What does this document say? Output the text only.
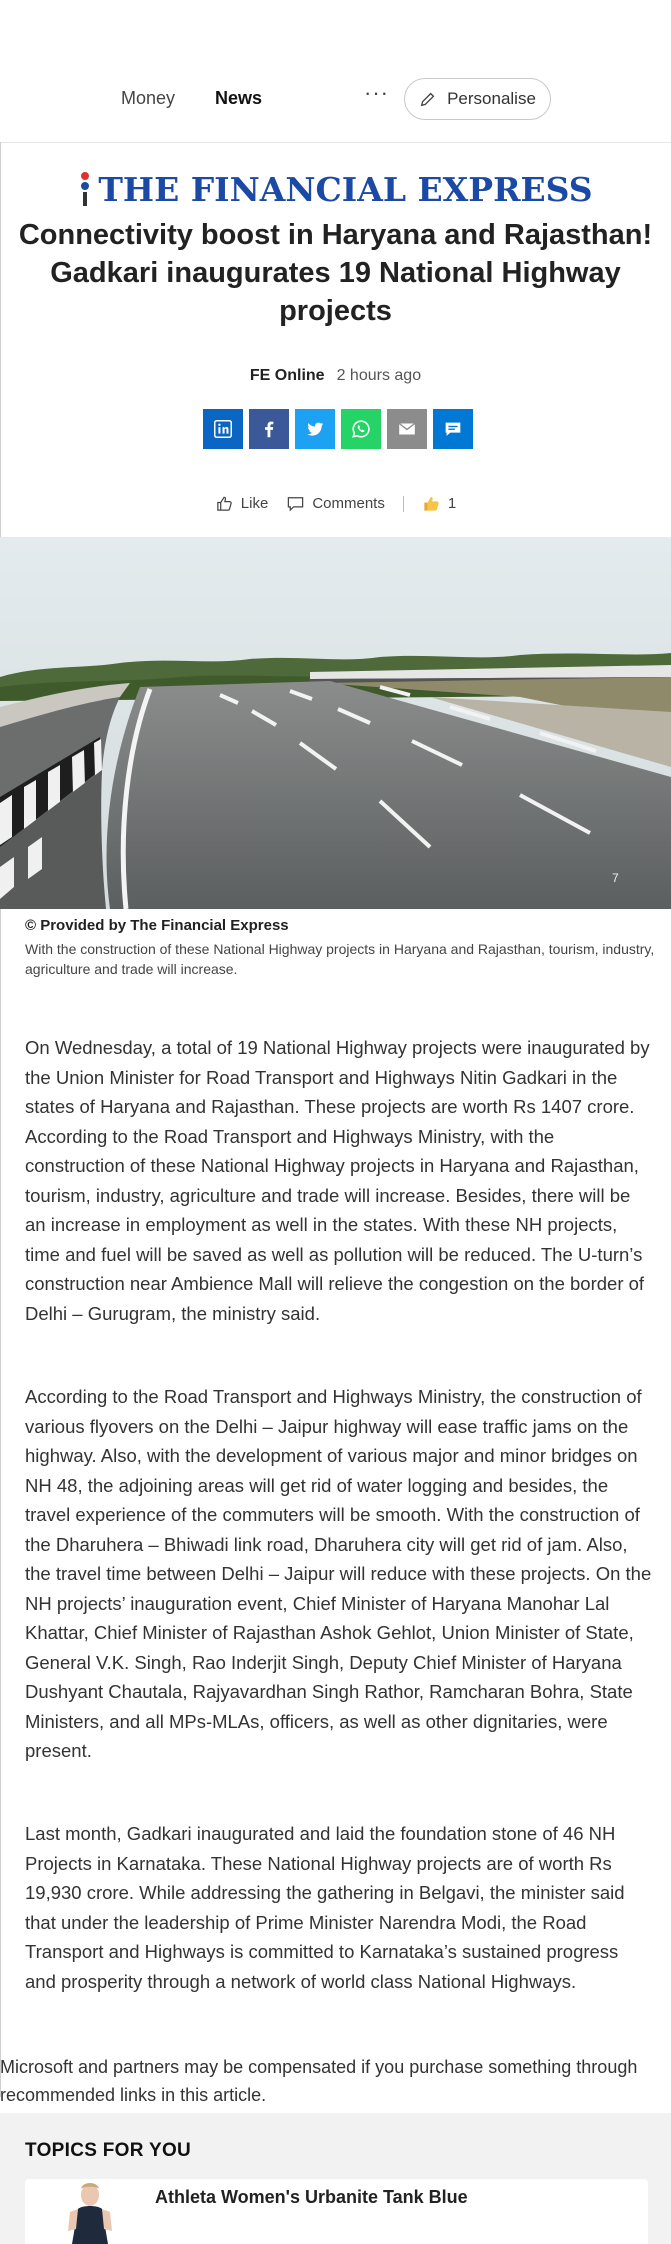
Money News	···	Personalise
THE FINANCIAL EXPRESS
Connectivity boost in Haryana and Rajasthan! Gadkari inaugurates 19 National Highway projects
FE Online 2 hours ago
Like	Comments	1
7
© Provided by The Financial Express
With the construction of these National Highway projects in Haryana and Rajasthan, tourism, industry, agriculture and trade will increase.

On Wednesday, a total of 19 National Highway projects were inaugurated by the Union Minister for Road Transport and Highways Nitin Gadkari in the states of Haryana and Rajasthan. These projects are worth Rs 1407 crore. According to the Road Transport and Highways Ministry, with the construction of these National Highway projects in Haryana and Rajasthan, tourism, industry, agriculture and trade will increase. Besides, there will be an increase in employment as well in the states. With these NH projects, time and fuel will be saved as well as pollution will be reduced. The U-turn’s construction near Ambience Mall will relieve the congestion on the border of Delhi – Gurugram, the ministry said.

According to the Road Transport and Highways Ministry, the construction of various flyovers on the Delhi – Jaipur highway will ease traffic jams on the highway. Also, with the development of various major and minor bridges on NH 48, the adjoining areas will get rid of water logging and besides, the travel experience of the commuters will be smooth. With the construction of the Dharuhera – Bhiwadi link road, Dharuhera city will get rid of jam. Also, the travel time between Delhi – Jaipur will reduce with these projects. On the NH projects’ inauguration event, Chief Minister of Haryana Manohar Lal Khattar, Chief Minister of Rajasthan Ashok Gehlot, Union Minister of State, General V.K. Singh, Rao Inderjit Singh, Deputy Chief Minister of Haryana Dushyant Chautala, Rajyavardhan Singh Rathor, Ramcharan Bohra, State Ministers, and all MPs-MLAs, officers, as well as other dignitaries, were present.

Last month, Gadkari inaugurated and laid the foundation stone of 46 NH Projects in Karnataka. These National Highway projects are of worth Rs 19,930 crore. While addressing the gathering in Belgavi, the minister said that under the leadership of Prime Minister Narendra Modi, the Road Transport and Highways is committed to Karnataka’s sustained progress and prosperity through a network of world class National Highways.

Microsoft and partners may be compensated if you purchase something through recommended links in this article.

TOPICS FOR YOU
Athleta Women's Urbanite Tank Blue
